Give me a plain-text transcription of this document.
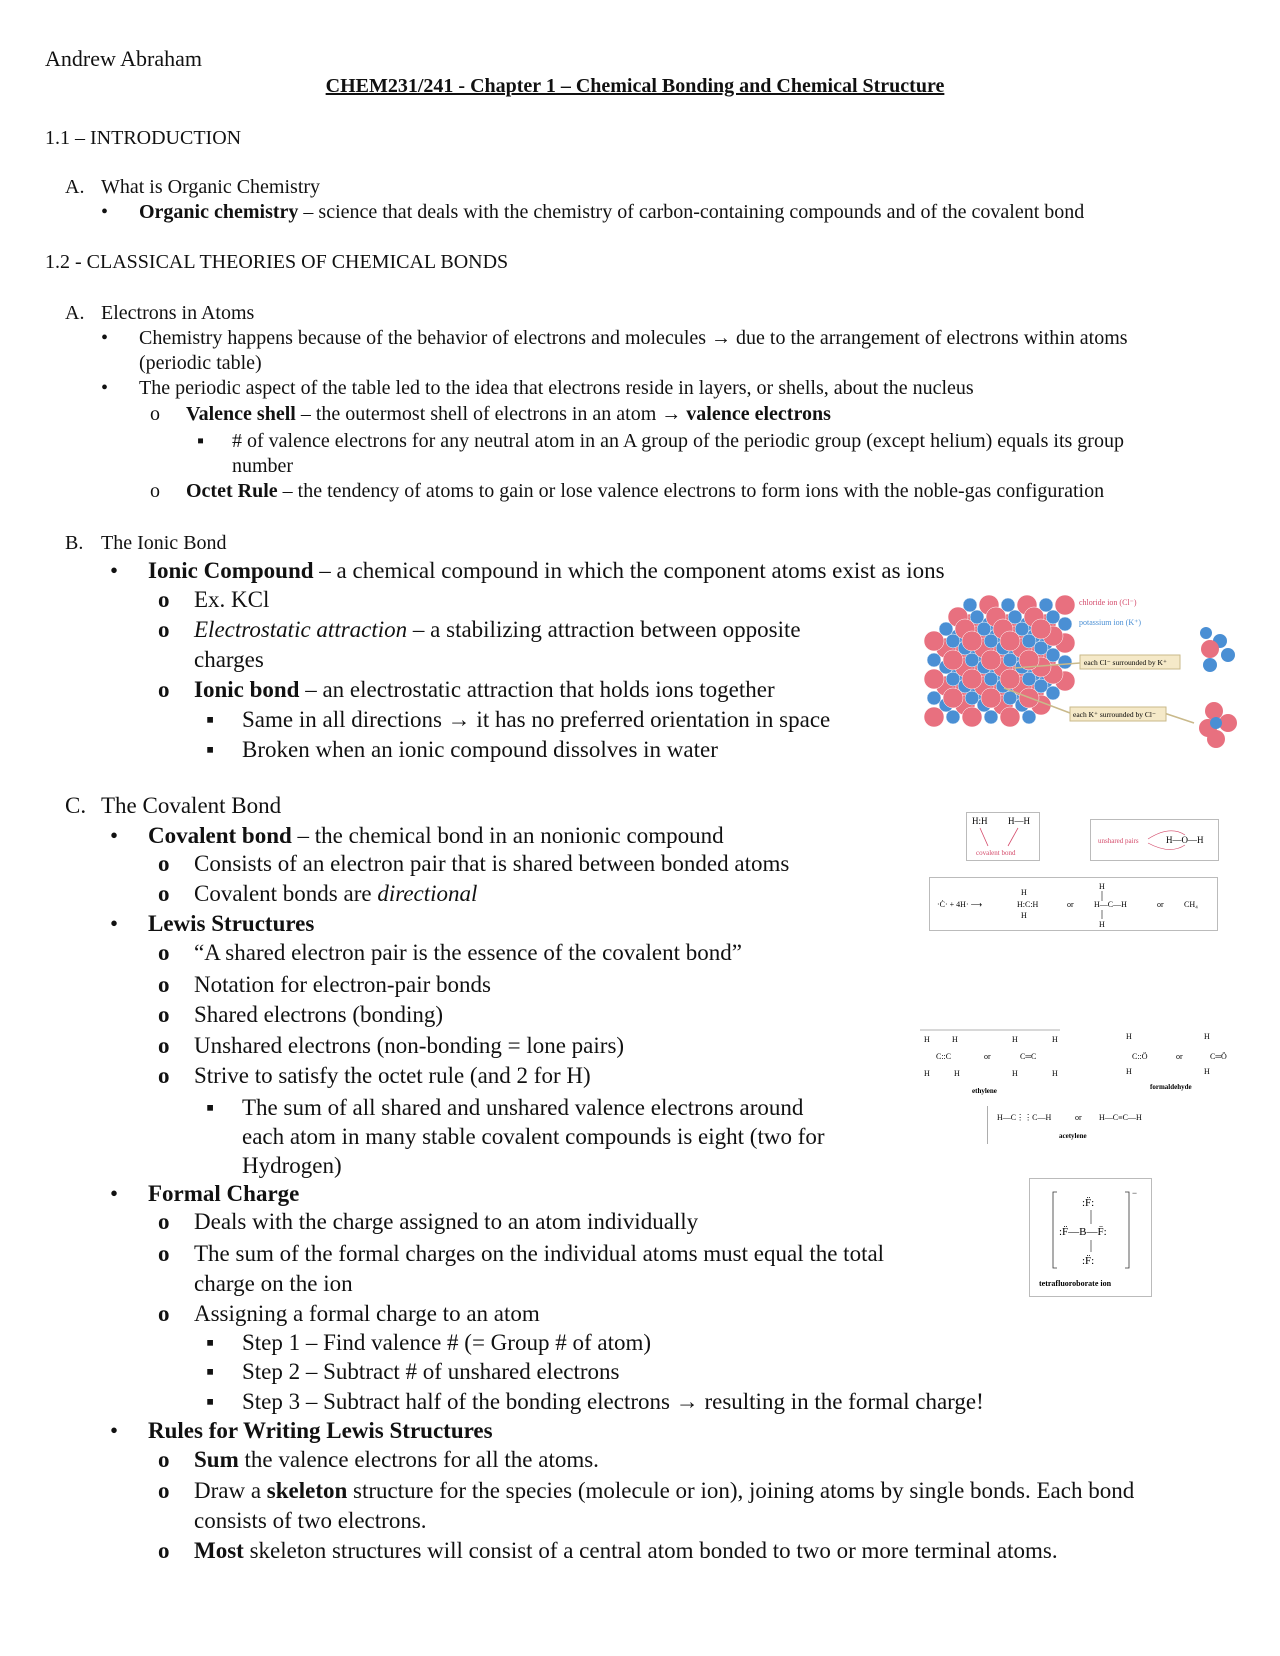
Andrew Abraham
CHEM231/241 - Chapter 1 – Chemical Bonding and Chemical Structure
1.1 – INTRODUCTION
A. What is Organic Chemistry
• Organic chemistry – science that deals with the chemistry of carbon-containing compounds and of the covalent bond
1.2 - CLASSICAL THEORIES OF CHEMICAL BONDS
A. Electrons in Atoms
• Chemistry happens because of the behavior of electrons and molecules → due to the arrangement of electrons within atoms
(periodic table)
• The periodic aspect of the table led to the idea that electrons reside in layers, or shells, about the nucleus
o Valence shell – the outermost shell of electrons in an atom → valence electrons
▪ # of valence electrons for any neutral atom in an A group of the periodic group (except helium) equals its group
number
o Octet Rule – the tendency of atoms to gain or lose valence electrons to form ions with the noble-gas configuration
B. The Ionic Bond
• Ionic Compound – a chemical compound in which the component atoms exist as ions
o Ex. KCl
o Electrostatic attraction – a stabilizing attraction between opposite
charges
o Ionic bond – an electrostatic attraction that holds ions together
▪ Same in all directions → it has no preferred orientation in space
▪ Broken when an ionic compound dissolves in water
C. The Covalent Bond
• Covalent bond – the chemical bond in an nonionic compound
o Consists of an electron pair that is shared between bonded atoms
o Covalent bonds are directional
• Lewis Structures
o “A shared electron pair is the essence of the covalent bond”
o Notation for electron-pair bonds
o Shared electrons (bonding)
o Unshared electrons (non-bonding = lone pairs)
o Strive to satisfy the octet rule (and 2 for H)
▪ The sum of all shared and unshared valence electrons around
each atom in many stable covalent compounds is eight (two for
Hydrogen)
• Formal Charge
o Deals with the charge assigned to an atom individually
o The sum of the formal charges on the individual atoms must equal the total
charge on the ion
o Assigning a formal charge to an atom
▪ Step 1 – Find valence # (= Group # of atom)
▪ Step 2 – Subtract # of unshared electrons
▪ Step 3 – Subtract half of the bonding electrons → resulting in the formal charge!
• Rules for Writing Lewis Structures
o Sum the valence electrons for all the atoms.
o Draw a skeleton structure for the species (molecule or ion), joining atoms by single bonds. Each bond
consists of two electrons.
o Most skeleton structures will consist of a central atom bonded to two or more terminal atoms.
chloride ion (Cl⁻)
potassium ion (K⁺)
each Cl⁻ surrounded by K⁺
each K⁺ surrounded by Cl⁻
H:H H—H
covalent bond
unshared pairs	H—O—H
·Ċ· + 4H· ⟶
H
H:C:H
H
or
H
H—C—H
H
or	CH₄
H	H
C::C
H	H
H	H
C═C
H	H
H
C::Ö
H
H
C═Ö
H
or	or
ethylene	formaldehyde
H—C⋮⋮C—H	or H—C≡C—H
acetylene
−
:F̈:
:F̈—B—F̈:
:F̈:
tetrafluoroborate ion
